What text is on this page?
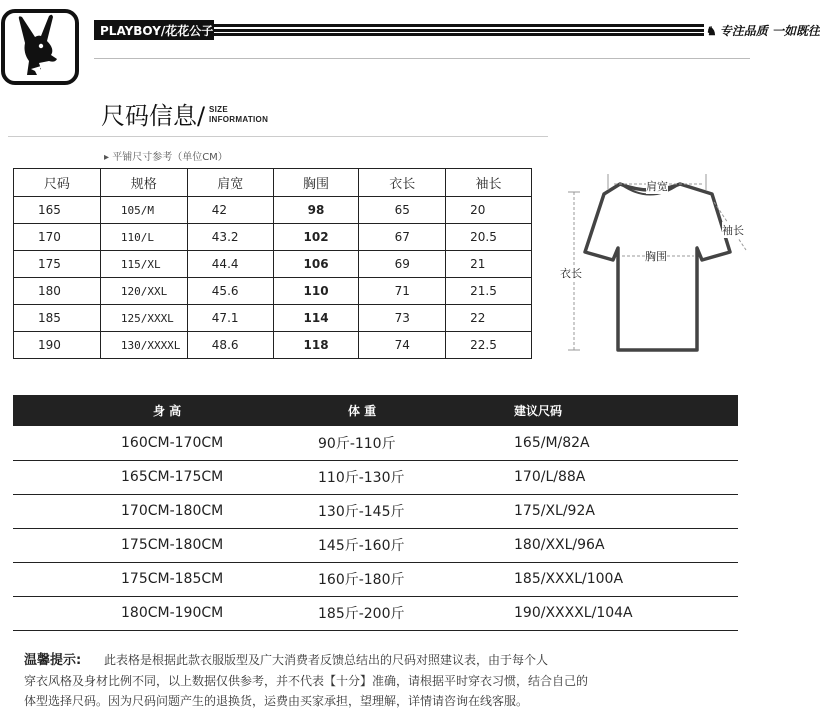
PLAYBOY/花花公子	♞ 专注品质 一如既往
尺码信息/ SIZE
INFORMATION
▸ 平铺尺寸参考（单位CM）
尺码	规格	肩宽	胸围	衣长	袖长
165	105/M	42	98	65	20
170	110/L	43.2	102	67	20.5
175	115/XL	44.4	106	69	21
180	120/XXL	45.6	110	71	21.5
185	125/XXXL	47.1	114	73	22
190	130/XXXXL	48.6	118	74	22.5
肩宽
袖长
胸围
衣长
身 高	体 重	建议尺码
160CM-170CM	90斤-110斤	165/M/82A
165CM-175CM	110斤-130斤	170/L/88A
170CM-180CM	130斤-145斤	175/XL/92A
175CM-180CM	145斤-160斤	180/XXL/96A
175CM-185CM	160斤-180斤	185/XXXL/100A
180CM-190CM	185斤-200斤	190/XXXXL/104A
温馨提示: 此表格是根据此款衣服版型及广大消费者反馈总结出的尺码对照建议表，由于每个人
穿衣风格及身材比例不同，以上数据仅供参考，并不代表【十分】准确，请根据平时穿衣习惯，结合自己的
体型选择尺码。因为尺码问题产生的退换货，运费由买家承担，望理解，详情请咨询在线客服。
